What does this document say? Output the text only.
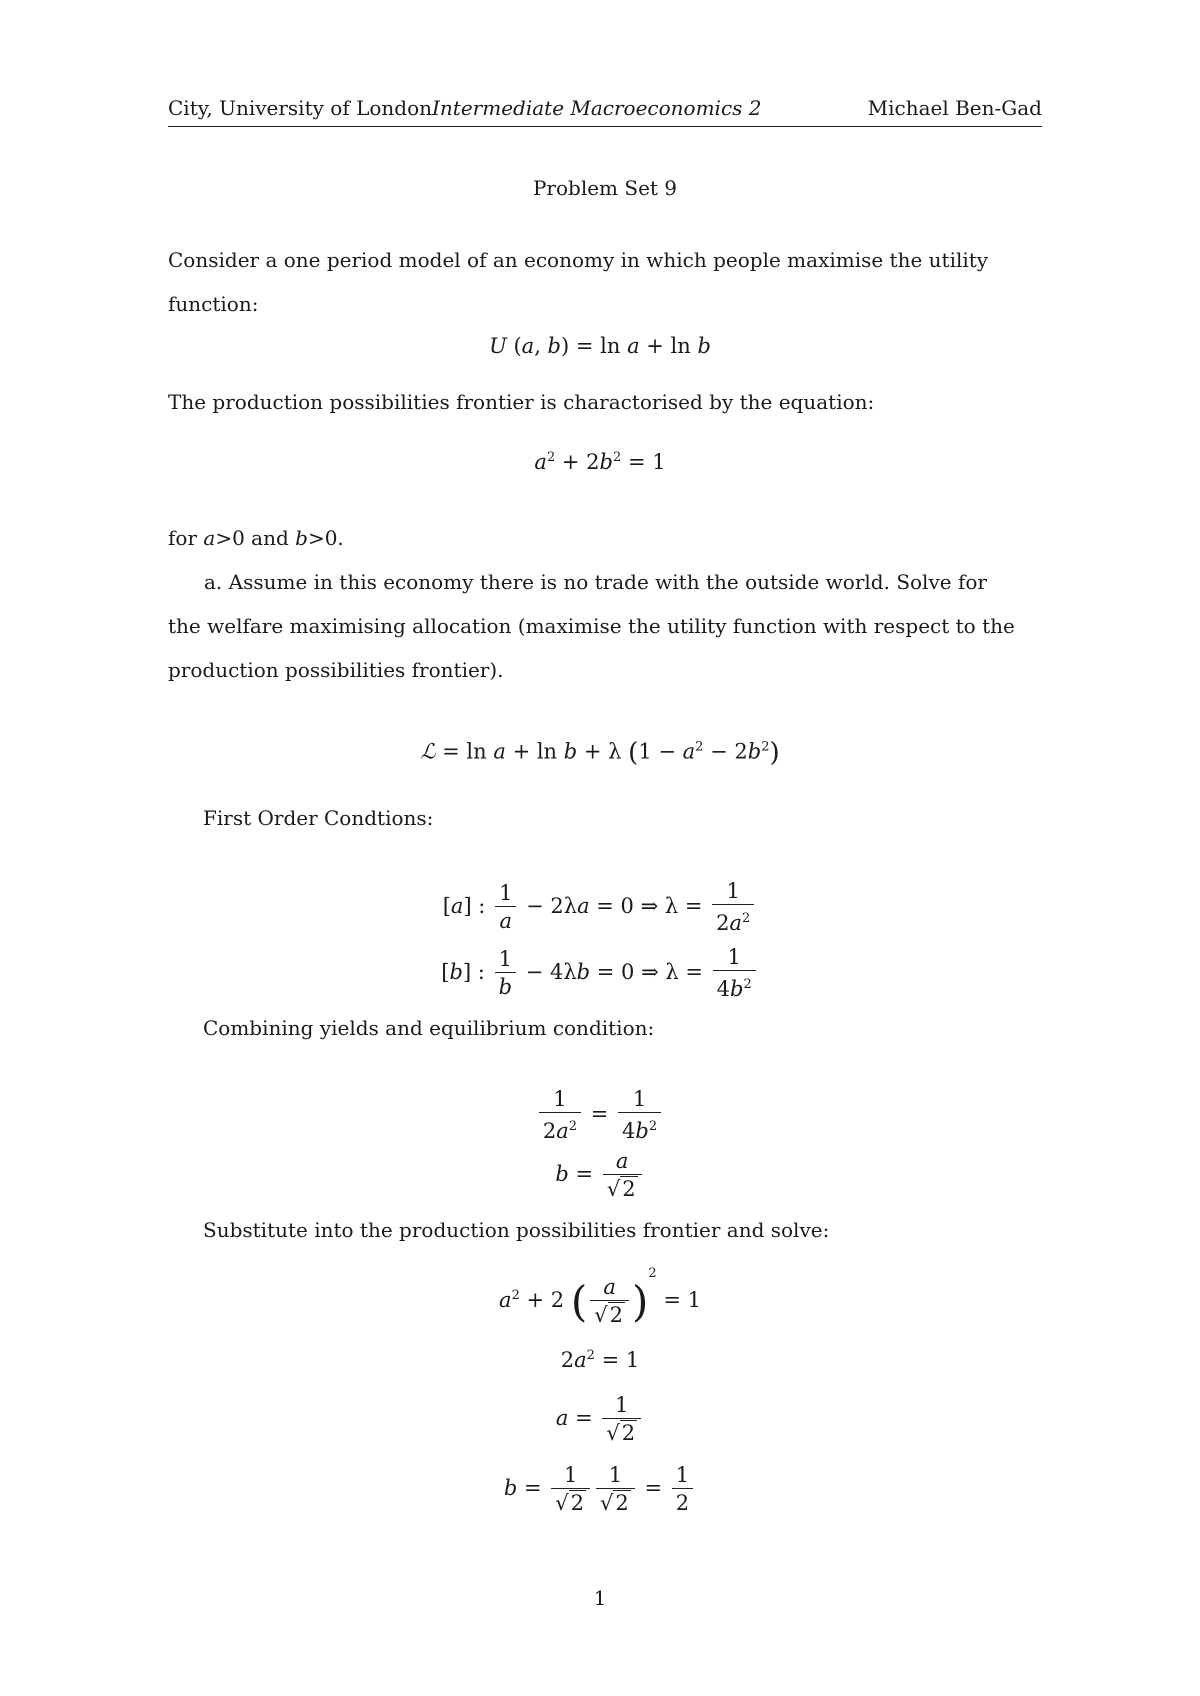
City, University of LondonIntermediate Macroeconomics 2	Michael Ben-Gad
Problem Set 9
Consider a one period model of an economy in which people maximise the utility
function:
U (a, b) = ln a + ln b
The production possibilities frontier is charactorised by the equation:
$a^2 + 2b^2 = 1$
for a>0 and b>0.
a. Assume in this economy there is no trade with the outside world. Solve for
the welfare maximising allocation (maximise the utility function with respect to the
production possibilities frontier).
ℒ = ln a + ln b + λ $(1 - a^2 - 2b^2)$
First Order Condtions:
[a] : $\frac{1}{a} - 2\lambda a = 0$ ⇒ $\lambda = \frac{1}{2a^2}$
[b] : $\frac{1}{b} - 4\lambda b = 0$ ⇒ $\lambda = \frac{1}{4b^2}$
Combining yields and equilibrium condition:
$\frac{1}{2a^2} = \frac{1}{4b^2}$
$b = \frac{a}{√2}$
Substitute into the production possibilities frontier and solve:
$a^2 + 2$ ( $\frac{a}{√2} )^2 = 1$
$2a^2 = 1$
$a = \frac{1}{√2}$
$b = \frac{1}{√2} \frac{1}{√2} = \frac{1}{2}$
1
